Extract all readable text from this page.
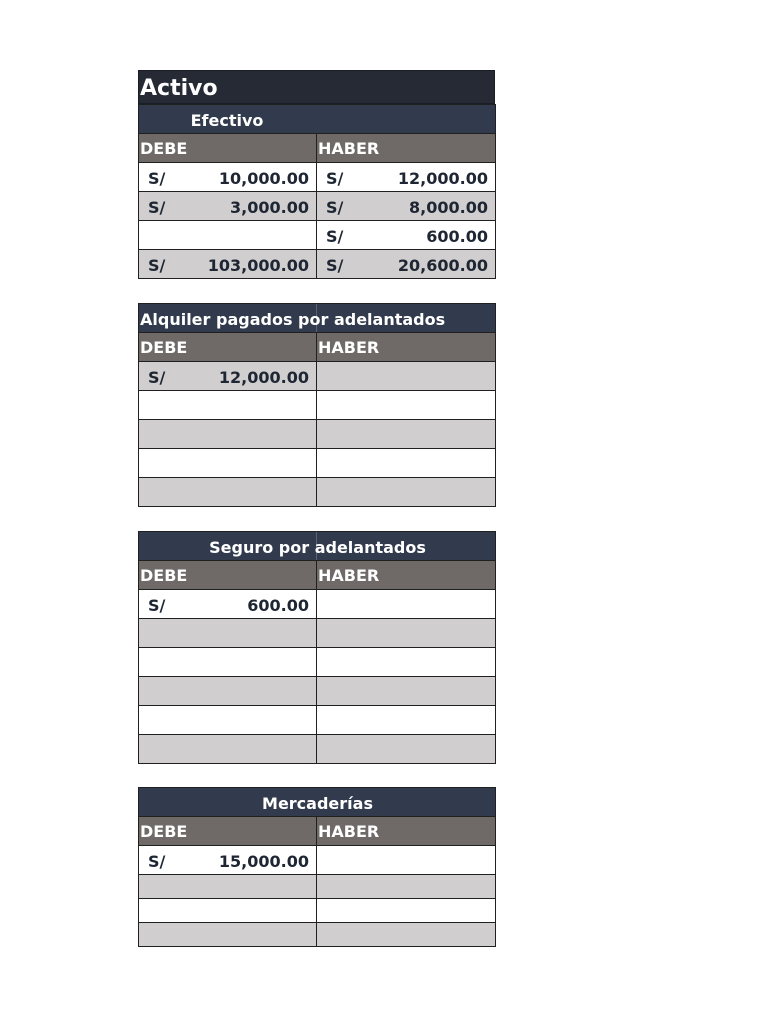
Activo
Efectivo	

DEBE	HABER

S/ 10,000.00	S/ 12,000.00

S/ 3,000.00	S/ 8,000.00

	S/ 600.00

S/ 103,000.00	S/ 20,600.00
Alquiler pagados por adelantados	

DEBE	HABER

S/ 12,000.00	

Seguro por adelantados	

DEBE	HABER

S/ 600.00	

Mercaderías	

DEBE	HABER

S/ 15,000.00	
